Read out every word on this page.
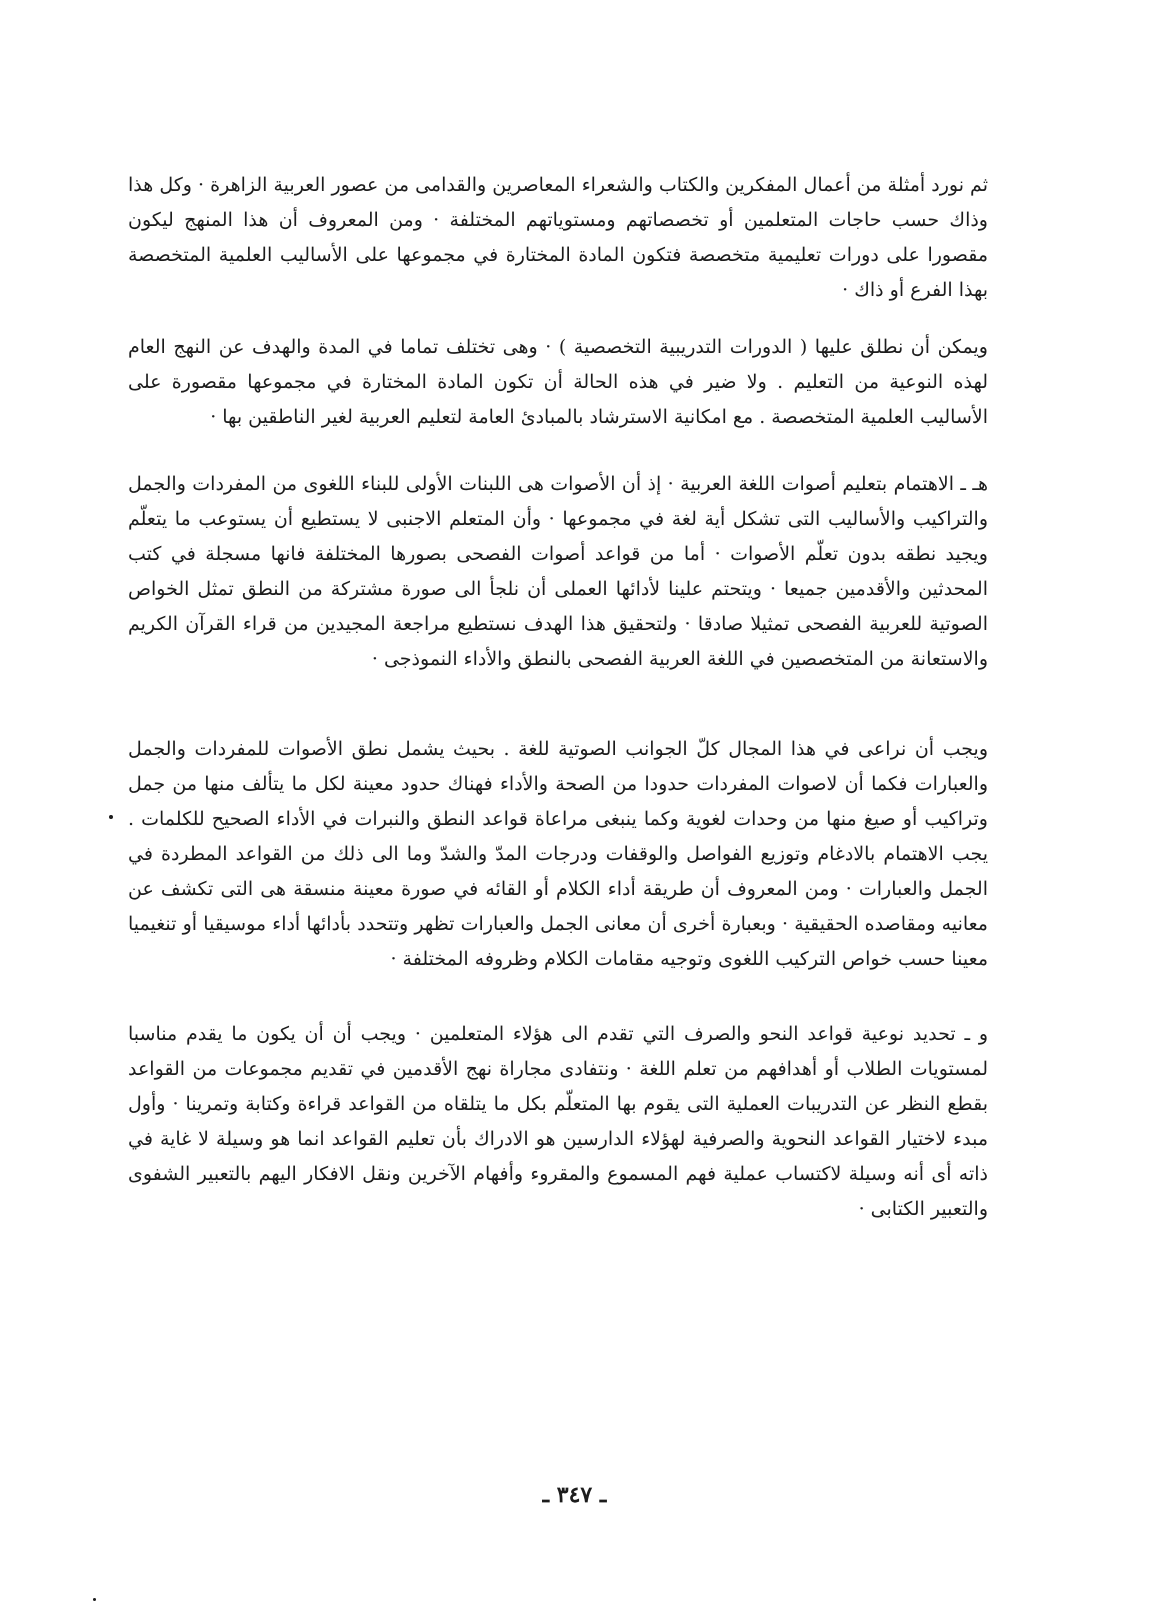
ثم نورد أمثلة من أعمال المفكرين والكتاب والشعراء المعاصرين والقدامى من عصور العربية الزاهرة · وكل هذا وذاك حسب حاجات المتعلمين أو تخصصاتهم ومستوياتهم المختلفة · ومن المعروف أن هذا المنهج ليكون مقصورا على دورات تعليمية متخصصة فتكون المادة المختارة في مجموعها على الأساليب العلمية المتخصصة بهذا الفرع أو ذاك ·

ويمكن أن نطلق عليها ( الدورات التدريبية التخصصية ) · وهى تختلف تماما في المدة والهدف عن النهج العام لهذه النوعية من التعليم . ولا ضير في هذه الحالة أن تكون المادة المختارة في مجموعها مقصورة على الأساليب العلمية المتخصصة . مع امكانية الاسترشاد بالمبادئ العامة لتعليم العربية لغير الناطقين بها ·

هـ ـ الاهتمام بتعليم أصوات اللغة العربية · إذ أن الأصوات هى اللبنات الأولى للبناء اللغوى من المفردات والجمل والتراكيب والأساليب التى تشكل أية لغة في مجموعها · وأن المتعلم الاجنبى لا يستطيع أن يستوعب ما يتعلّم ويجيد نطقه بدون تعلّم الأصوات · أما من قواعد أصوات الفصحى بصورها المختلفة فانها مسجلة في كتب المحدثين والأقدمين جميعا · ويتحتم علينا لأدائها العملى أن نلجأ الى صورة مشتركة من النطق تمثل الخواص الصوتية للعربية الفصحى تمثيلا صادقا · ولتحقيق هذا الهدف نستطيع مراجعة المجيدين من قراء القرآن الكريم والاستعانة من المتخصصين في اللغة العربية الفصحى بالنطق والأداء النموذجى ·

ويجب أن نراعى في هذا المجال كلّ الجوانب الصوتية للغة . بحيث يشمل نطق الأصوات للمفردات والجمل والعبارات فكما أن لاصوات المفردات حدودا من الصحة والأداء فهناك حدود معينة لكل ما يتألف منها من جمل وتراكيب أو صيغ منها من وحدات لغوية وكما ينبغى مراعاة قواعد النطق والنبرات في الأداء الصحيح للكلمات . يجب الاهتمام بالادغام وتوزيع الفواصل والوقفات ودرجات المدّ والشدّ وما الى ذلك من القواعد المطردة في الجمل والعبارات · ومن المعروف أن طريقة أداء الكلام أو القائه في صورة معينة منسقة هى التى تكشف عن معانيه ومقاصده الحقيقية · وبعبارة أخرى أن معانى الجمل والعبارات تظهر وتتحدد بأدائها أداء موسيقيا أو تنغيميا معينا حسب خواص التركيب اللغوى وتوجيه مقامات الكلام وظروفه المختلفة ·

و ـ تحديد نوعية قواعد النحو والصرف التي تقدم الى هؤلاء المتعلمين · ويجب أن أن يكون ما يقدم مناسبا لمستويات الطلاب أو أهدافهم من تعلم اللغة · ونتفادى مجاراة نهج الأقدمين في تقديم مجموعات من القواعد بقطع النظر عن التدريبات العملية التى يقوم بها المتعلّم بكل ما يتلقاه من القواعد قراءة وكتابة وتمرينا · وأول مبدء لاختيار القواعد النحوية والصرفية لهؤلاء الدارسين هو الادراك بأن تعليم القواعد انما هو وسيلة لا غاية في ذاته أى أنه وسيلة لاكتساب عملية فهم المسموع والمقروء وأفهام الآخرين ونقل الافكار اليهم بالتعبير الشفوى والتعبير الكتابى ·

ـ ٣٤٧ ـ
